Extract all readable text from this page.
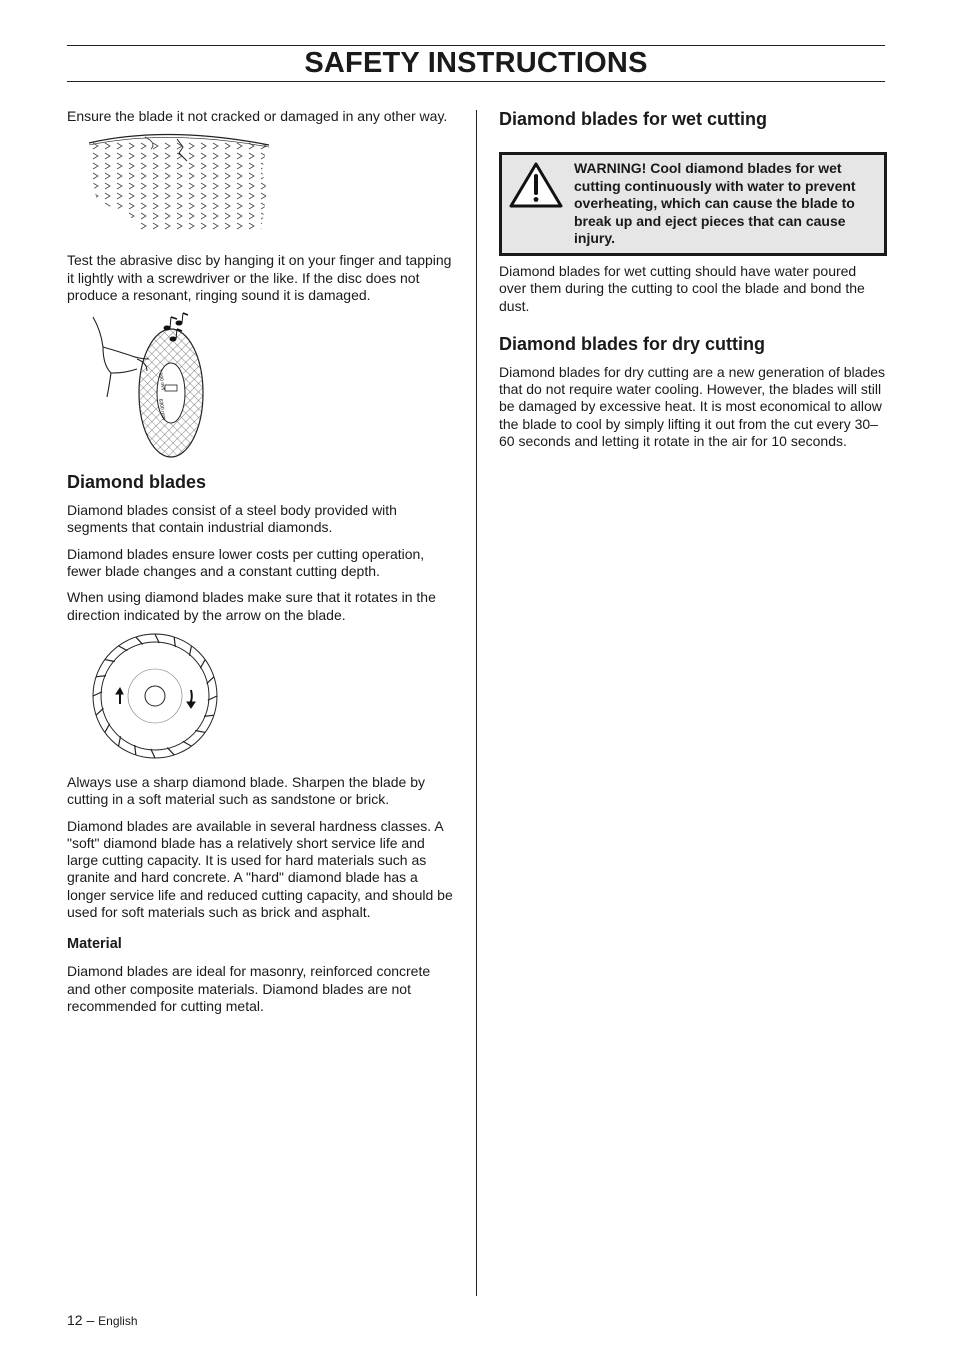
SAFETY INSTRUCTIONS

Ensure the blade it not cracked or damaged in any other way.

Test the abrasive disc by hanging it on your finger and tapping it lightly with a screwdriver or the like. If the disc does not produce a resonant, ringing sound it is damaged.

100 m/s
6300 rpm
Diamond blades

Diamond blades consist of a steel body provided with segments that contain industrial diamonds.

Diamond blades ensure lower costs per cutting operation, fewer blade changes and a constant cutting depth.

When using diamond blades make sure that it rotates in the direction indicated by the arrow on the blade.

Always use a sharp diamond blade. Sharpen the blade by cutting in a soft material such as sandstone or brick.

Diamond blades are available in several hardness classes. A "soft" diamond blade has a relatively short service life and large cutting capacity. It is used for hard materials such as granite and hard concrete. A "hard" diamond blade has a longer service life and reduced cutting capacity, and should be used for soft materials such as brick and asphalt.

Material

Diamond blades are ideal for masonry, reinforced concrete and other composite materials. Diamond blades are not recommended for cutting metal.

Diamond blades for wet cutting
WARNING! Cool diamond blades for wet cutting continuously with water to prevent overheating, which can cause the blade to break up and eject pieces that can cause injury.

Diamond blades for wet cutting should have water poured over them during the cutting to cool the blade and bond the dust.

Diamond blades for dry cutting

Diamond blades for dry cutting are a new generation of blades that do not require water cooling. However, the blades will still be damaged by excessive heat. It is most economical to allow the blade to cool by simply lifting it out from the cut every 30–60 seconds and letting it rotate in the air for 10 seconds.

12 – English
